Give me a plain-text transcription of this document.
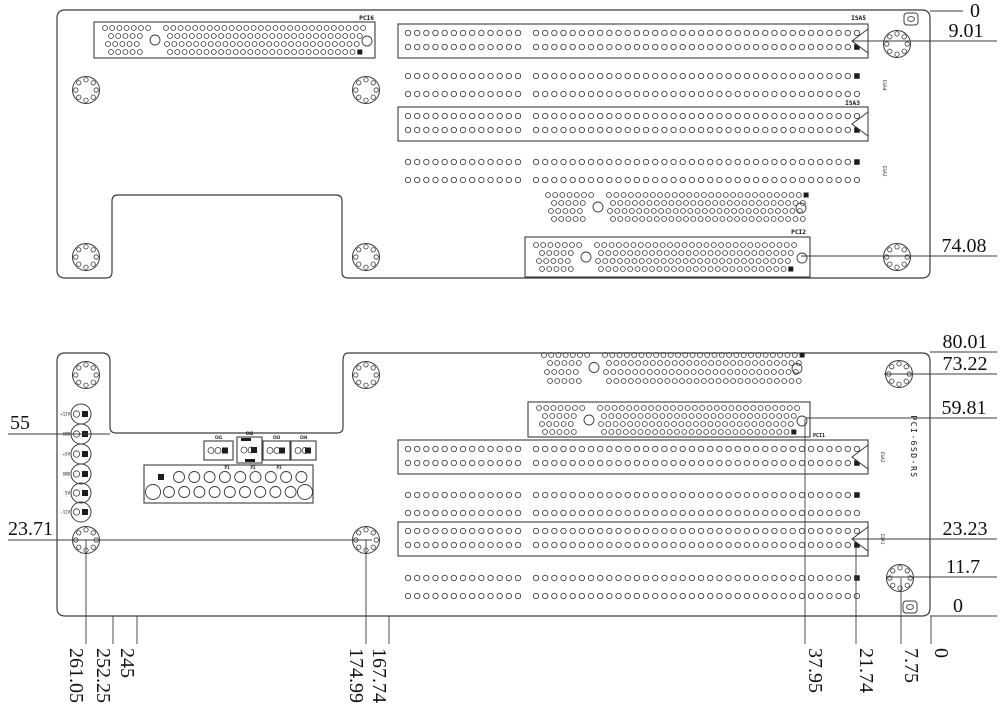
PCI6	ISA5
ISA4
ISA3
ISA2
PCI2
0
9.01
74.08
+12V
GND
+5V
GND
-5V
-12V
CN1
CN2
CN3	CN4
P1	P2	P3
PCI1
ISA2
ISA1
PCI-6SD-RS
80.01
73.22
59.81
23.23
11.7
0
55
23.71
261.05 252.25 245	174.99 167.74	37.95 21.74 7.75 0
